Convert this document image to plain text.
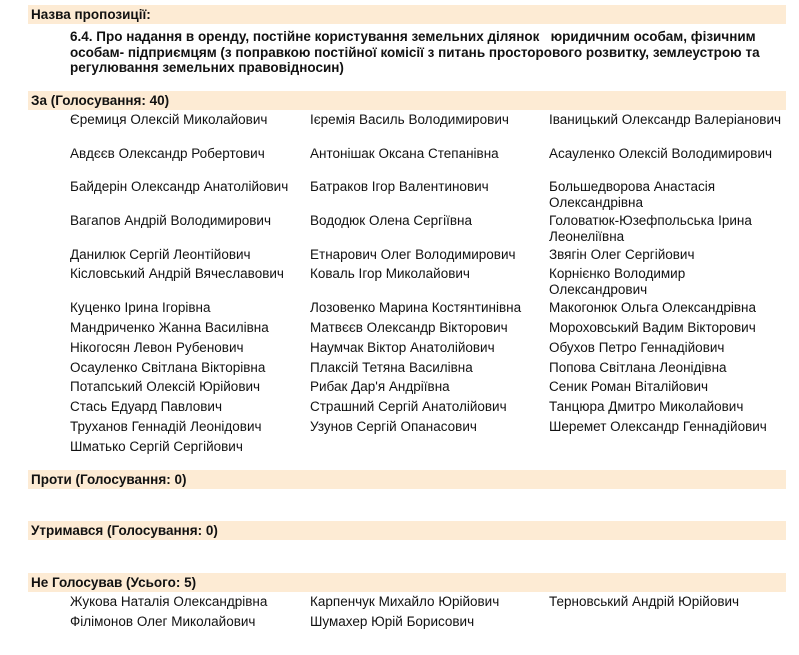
Назва пропозиції:
6.4. Про надання в оренду, постійне користування земельних ділянок   юридичним особам, фізичним особам- підприємцям (з поправкою постійної комісії з питань просторового розвитку, землеустрою та регулювання земельних правовідносин)
За (Голосування: 40)
Єремиця Олексій Миколайович	Ієремія Василь Володимирович	Іваницький Олександр Валеріанович
Авдєєв Олександр Робертович	Антонішак Оксана Степанівна	Асауленко Олексій Володимирович
Байдерін Олександр Анатолійович	Батраков Ігор Валентинович	Большедворова Анастасія Олександрівна
Вагапов Андрій Володимирович	Вододюк Олена Сергіївна	Головатюк-Юзефпольська Ірина Леонеліївна
Данилюк Сергій Леонтійович	Етнарович Олег Володимирович	Звягін Олег Сергійович
Кісловський Андрій Вячеславович	Коваль Ігор Миколайович	Корнієнко Володимир Олександрович
Куценко Ірина Ігорівна	Лозовенко Марина Костянтинівна	Макогонюк Ольга Олександрівна
Мандриченко Жанна Василівна	Матвєєв Олександр Вікторович	Мороховський Вадим Вікторович
Нікогосян Левон Рубенович	Наумчак Віктор Анатолійович	Обухов Петро Геннадійович
Осауленко Світлана Вікторівна	Плаксій Тетяна Василівна	Попова Світлана Леонідівна
Потапський Олексій Юрійович	Рибак Дар'я Андріївна	Сеник Роман Віталійович
Стась Едуард Павлович	Страшний Сергій Анатолійович	Танцюра Дмитро Миколайович
Труханов Геннадій Леонідович	Узунов Сергій Опанасович	Шеремет Олександр Геннадійович
Шматько Сергій Сергійович
Проти (Голосування: 0)
Утримався (Голосування: 0)
Не Голосував (Усього: 5)
Жукова Наталія Олександрівна	Карпенчук Михайло Юрійович	Терновський Андрій Юрійович
Філімонов Олег Миколайович	Шумахер Юрій Борисович
